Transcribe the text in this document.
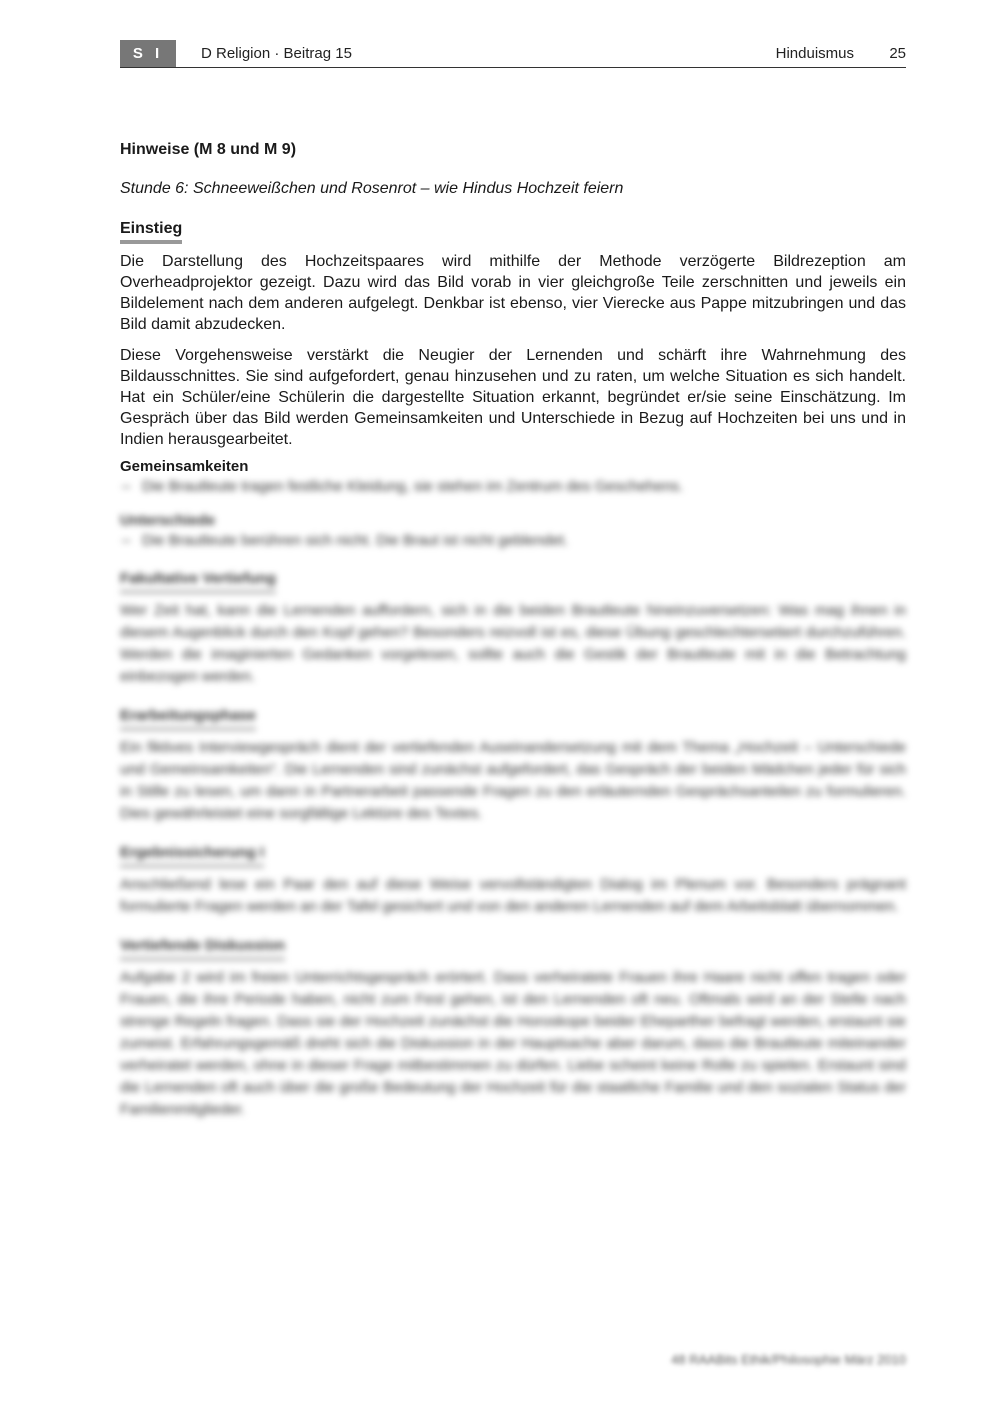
S I	D Religion · Beitrag 15	Hinduismus 25

Hinweise (M 8 und M 9)

Stunde 6: Schneeweißchen und Rosenrot – wie Hindus Hochzeit feiern

Einstieg

Die Darstellung des Hochzeitspaares wird mithilfe der Methode verzögerte Bildrezeption am Overheadprojektor gezeigt. Dazu wird das Bild vorab in vier gleichgroße Teile zerschnitten und jeweils ein Bildelement nach dem anderen aufgelegt. Denkbar ist ebenso, vier Vierecke aus Pappe mitzubringen und das Bild damit abzudecken.

Diese Vorgehensweise verstärkt die Neugier der Lernenden und schärft ihre Wahrnehmung des Bildausschnittes. Sie sind aufgefordert, genau hinzusehen und zu raten, um welche Situation es sich handelt. Hat ein Schüler/eine Schülerin die dargestellte Situation erkannt, begründet er/sie seine Einschätzung. Im Gespräch über das Bild werden Gemeinsamkeiten und Unterschiede in Bezug auf Hochzeiten bei uns und in Indien herausgearbeitet.

Gemeinsamkeiten
– Die Brautleute tragen festliche Kleidung, sie stehen im Zentrum des Geschehens.
Unterschiede
– Die Brautleute berühren sich nicht. Die Braut ist nicht geblendet.
Fakultative Vertiefung

Wer Zeit hat, kann die Lernenden auffordern, sich in die beiden Brautleute hineinzuversetzen: Was mag ihnen in diesem Augenblick durch den Kopf gehen? Besonders reizvoll ist es, diese Übung geschlechtersetiert durchzuführen. Werden die imaginierten Gedanken vorgelesen, sollte auch die Gestik der Brautleute mit in die Betrachtung einbezogen werden.

Erarbeitungsphase

Ein fiktives Interviewgespräch dient der vertiefenden Auseinandersetzung mit dem Thema „Hochzeit – Unterschiede und Gemeinsamkeiten“. Die Lernenden sind zunächst aufgefordert, das Gespräch der beiden Mädchen jeder für sich in Stille zu lesen, um dann in Partnerarbeit passende Fragen zu den erläuternden Gesprächsanteilen zu formulieren. Dies gewährleistet eine sorgfältige Lektüre des Textes.

Ergebnissicherung I

Anschließend lese ein Paar den auf diese Weise vervollständigten Dialog im Plenum vor. Besonders prägnant formulierte Fragen werden an der Tafel gesichert und von den anderen Lernenden auf dem Arbeitsblatt übernommen.

Vertiefende Diskussion

Aufgabe 2 wird im freien Unterrichtsgespräch erörtert. Dass verheiratete Frauen ihre Haare nicht offen tragen oder Frauen, die ihre Periode haben, nicht zum Fest gehen, ist den Lernenden oft neu. Oftmals wird an der Stelle nach strenge Regeln fragen. Dass sie der Hochzeit zunächst die Horoskope beider Eheparther befragt werden, erstaunt sie zumeist. Erfahrungsgemäß dreht sich die Diskussion in der Hauptsache aber darum, dass die Brautleute miteinander verheiratet werden, ohne in dieser Frage mitbestimmen zu dürfen. Liebe scheint keine Rolle zu spielen. Erstaunt sind die Lernenden oft auch über die große Bedeutung der Hochzeit für die staatliche Familie und den sozialen Status der Familienmitglieder.

48 RAABits Ethik/Philosophie März 2010
